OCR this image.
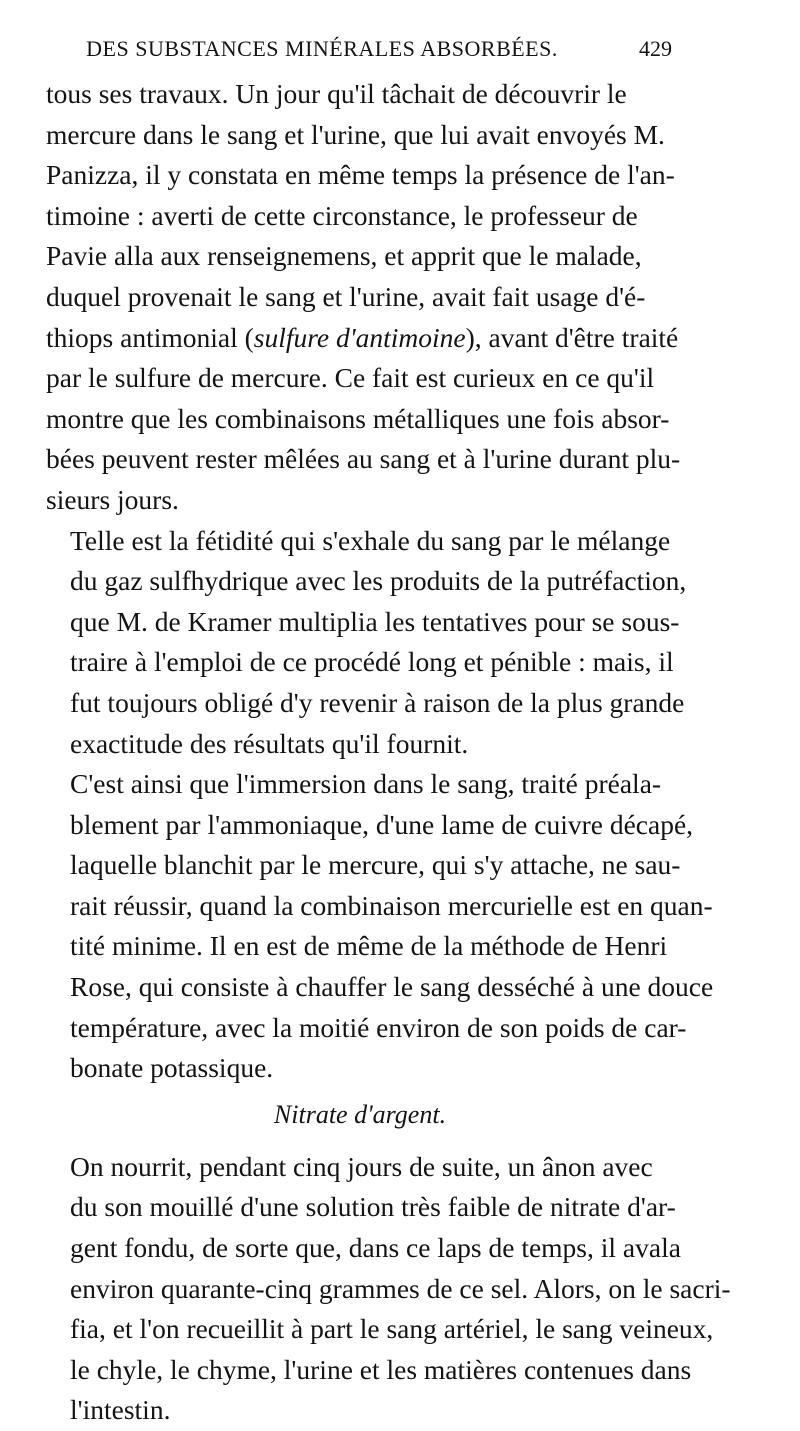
DES SUBSTANCES MINÉRALES ABSORBÉES.	429

tous ses travaux. Un jour qu'il tâchait de découvrir le
mercure dans le sang et l'urine, que lui avait envoyés M.
Panizza, il y constata en même temps la présence de l'an-
timoine : averti de cette circonstance, le professeur de
Pavie alla aux renseignemens, et apprit que le malade,
duquel provenait le sang et l'urine, avait fait usage d'é-
thiops antimonial (sulfure d'antimoine), avant d'être traité
par le sulfure de mercure. Ce fait est curieux en ce qu'il
montre que les combinaisons métalliques une fois absor-
bées peuvent rester mêlées au sang et à l'urine durant plu-
sieurs jours.

Telle est la fétidité qui s'exhale du sang par le mélange
du gaz sulfhydrique avec les produits de la putréfaction,
que M. de Kramer multiplia les tentatives pour se sous-
traire à l'emploi de ce procédé long et pénible : mais, il
fut toujours obligé d'y revenir à raison de la plus grande
exactitude des résultats qu'il fournit.

C'est ainsi que l'immersion dans le sang, traité préala-
blement par l'ammoniaque, d'une lame de cuivre décapé,
laquelle blanchit par le mercure, qui s'y attache, ne sau-
rait réussir, quand la combinaison mercurielle est en quan-
tité minime. Il en est de même de la méthode de Henri
Rose, qui consiste à chauffer le sang desséché à une douce
température, avec la moitié environ de son poids de car-
bonate potassique.

Nitrate d'argent.

On nourrit, pendant cinq jours de suite, un ânon avec
du son mouillé d'une solution très faible de nitrate d'ar-
gent fondu, de sorte que, dans ce laps de temps, il avala
environ quarante-cinq grammes de ce sel. Alors, on le sacri-
fia, et l'on recueillit à part le sang artériel, le sang veineux,
le chyle, le chyme, l'urine et les matières contenues dans
l'intestin.
